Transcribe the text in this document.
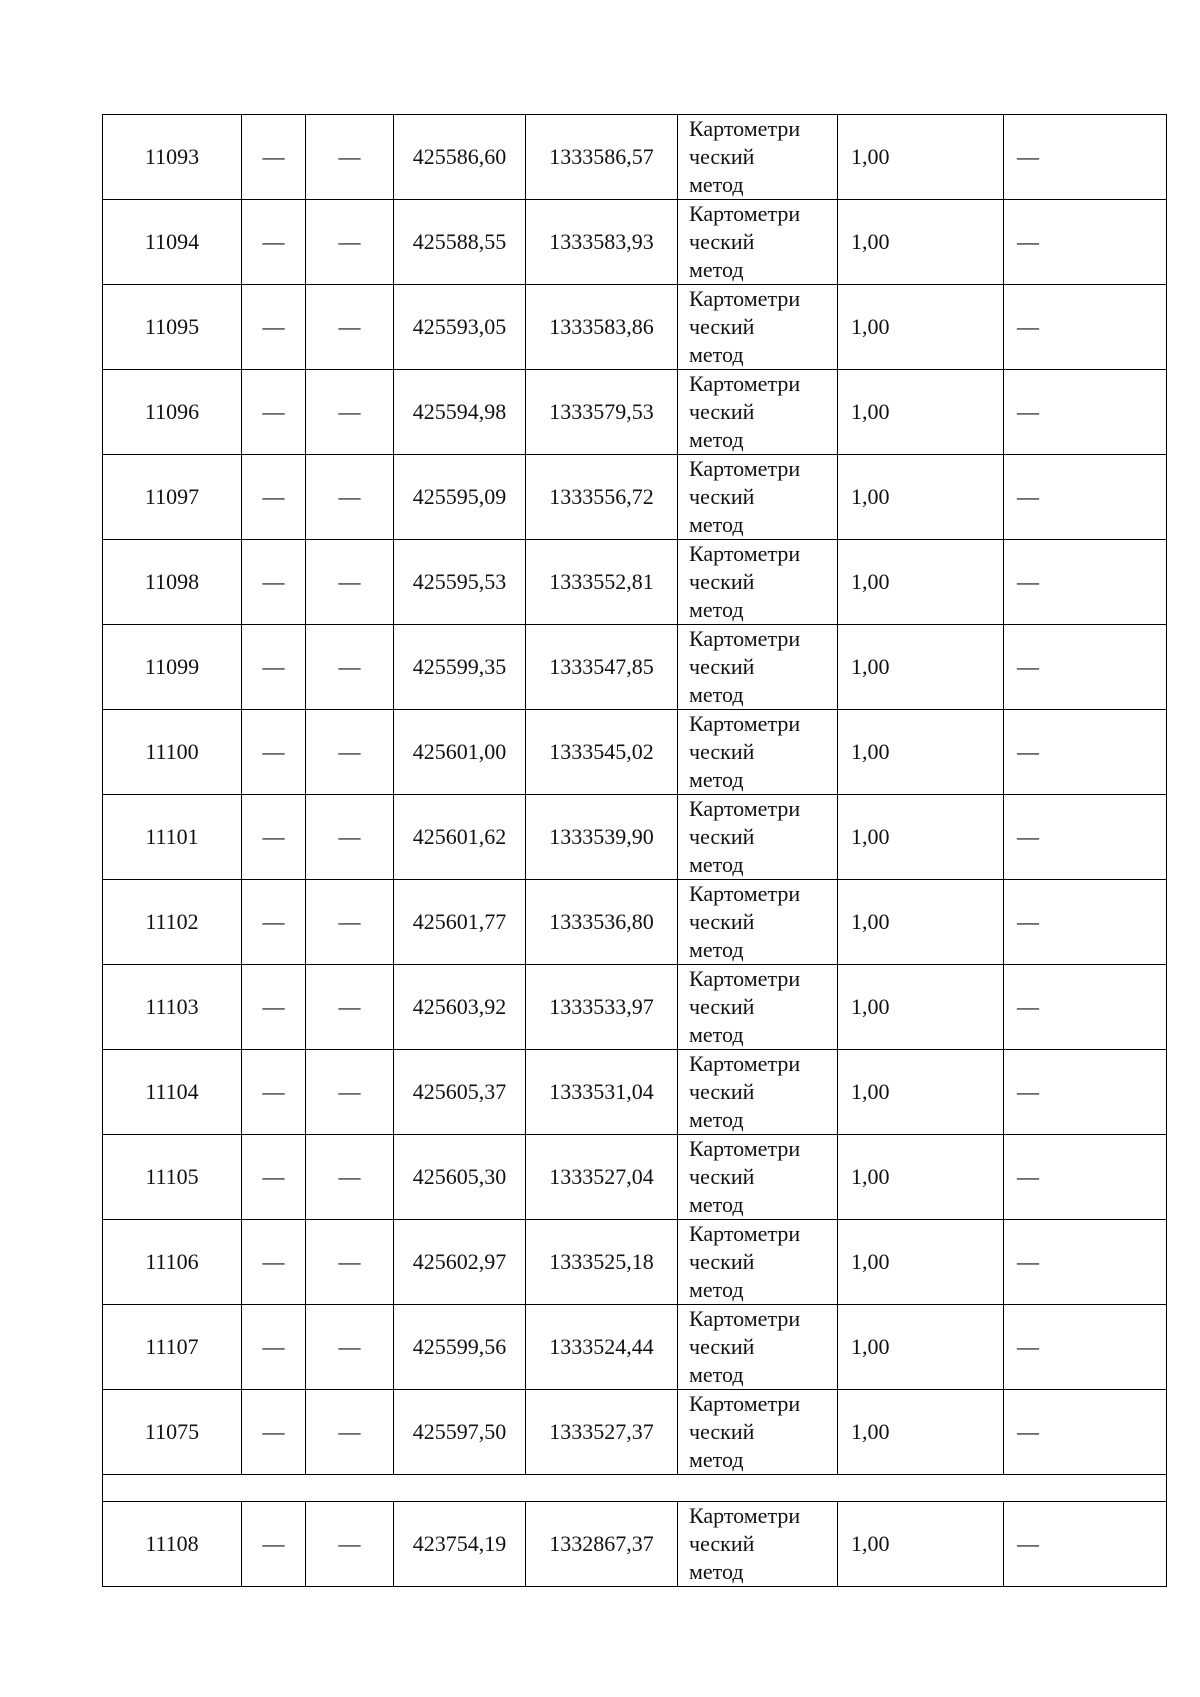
11093	—	—	425586,60	1333586,57	Картометри
ческий
метод	1,00	—
11094	—	—	425588,55	1333583,93	Картометри
ческий
метод	1,00	—
11095	—	—	425593,05	1333583,86	Картометри
ческий
метод	1,00	—
11096	—	—	425594,98	1333579,53	Картометри
ческий
метод	1,00	—
11097	—	—	425595,09	1333556,72	Картометри
ческий
метод	1,00	—
11098	—	—	425595,53	1333552,81	Картометри
ческий
метод	1,00	—
11099	—	—	425599,35	1333547,85	Картометри
ческий
метод	1,00	—
11100	—	—	425601,00	1333545,02	Картометри
ческий
метод	1,00	—
11101	—	—	425601,62	1333539,90	Картометри
ческий
метод	1,00	—
11102	—	—	425601,77	1333536,80	Картометри
ческий
метод	1,00	—
11103	—	—	425603,92	1333533,97	Картометри
ческий
метод	1,00	—
11104	—	—	425605,37	1333531,04	Картометри
ческий
метод	1,00	—
11105	—	—	425605,30	1333527,04	Картометри
ческий
метод	1,00	—
11106	—	—	425602,97	1333525,18	Картометри
ческий
метод	1,00	—
11107	—	—	425599,56	1333524,44	Картометри
ческий
метод	1,00	—
11075	—	—	425597,50	1333527,37	Картометри
ческий
метод	1,00	—

11108	—	—	423754,19	1332867,37	Картометри
ческий
метод	1,00	—
